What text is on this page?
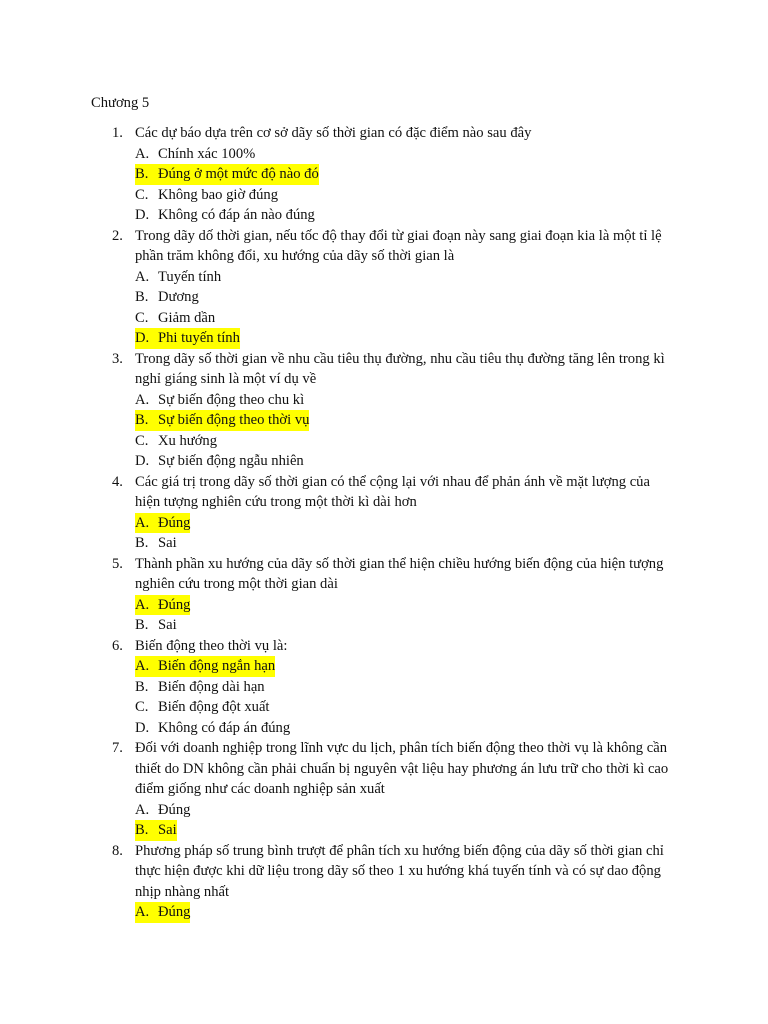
Chương 5
1. Các dự báo dựa trên cơ sở dãy số thời gian có đặc điểm nào sau đây
A. Chính xác 100%
B. Đúng ở một mức độ nào đó
C. Không bao giờ đúng
D. Không có đáp án nào đúng
2. Trong dãy dố thời gian, nếu tốc độ thay đổi từ giai đoạn này sang giai đoạn kia là một tỉ lệ phần trăm không đổi, xu hướng của dãy số thời gian là
A. Tuyến tính
B. Dương
C. Giảm dần
D. Phi tuyến tính
3. Trong dãy số thời gian về nhu cầu tiêu thụ đường, nhu cầu tiêu thụ đường tăng lên trong kì nghỉ giáng sinh là một ví dụ về
A. Sự biến động theo chu kì
B. Sự biến động theo thời vụ
C. Xu hướng
D. Sự biến động ngẫu nhiên
4. Các giá trị trong dãy số thời gian có thể cộng lại với nhau để phản ánh về mặt lượng của hiện tượng nghiên cứu trong một thời kì dài hơn
A. Đúng
B. Sai
5. Thành phần xu hướng của dãy số thời gian thể hiện chiều hướng biến động của hiện tượng nghiên cứu trong một thời gian dài
A. Đúng
B. Sai
6. Biến động theo thời vụ là:
A. Biến động ngắn hạn
B. Biến động dài hạn
C. Biến động đột xuất
D. Không có đáp án đúng
7. Đối với doanh nghiệp trong lĩnh vực du lịch, phân tích biến động theo thời vụ là không cần thiết do DN không cần phải chuẩn bị nguyên vật liệu hay phương án lưu trữ cho thời kì cao điểm giống như các doanh nghiệp sản xuất
A. Đúng
B. Sai
8. Phương pháp số trung bình trượt để phân tích xu hướng biến động của dãy số thời gian chỉ thực hiện được khi dữ liệu trong dãy số theo 1 xu hướng khá tuyến tính và có sự dao động nhịp nhàng nhất
A. Đúng
